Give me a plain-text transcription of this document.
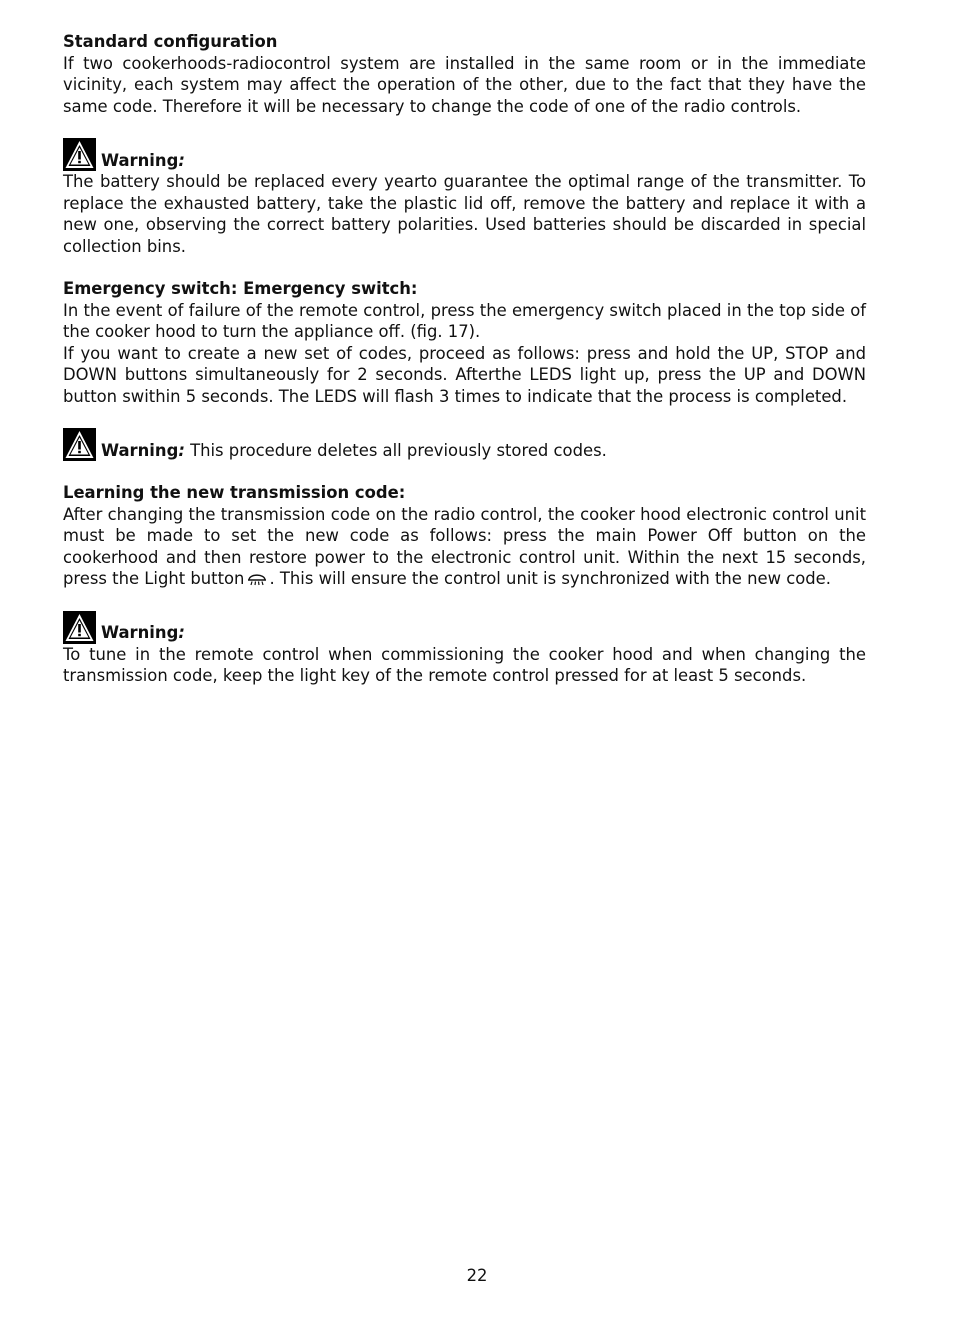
Standard configuration

If two cookerhoods-radiocontrol system are installed in the same room or in the immediate vicinity, each system may affect the operation of the other, due to the fact that they have the same code. Therefore it will be necessary to change the code of one of the radio controls.

Warning:

The battery should be replaced every yearto guarantee the optimal range of the transmitter. To replace the exhausted battery, take the plastic lid off, remove the battery and replace it with a new one, observing the correct battery polarities. Used batteries should be discarded in special collection bins.

Emergency switch: Emergency switch:

In the event of failure of the remote control, press the emergency switch placed in the top side of the cooker hood to turn the appliance off. (fig. 17).

If you want to create a new set of codes, proceed as follows: press and hold the UP, STOP and DOWN buttons simultaneously for 2 seconds. Afterthe LEDS light up, press the UP and DOWN button swithin 5 seconds. The LEDS will flash 3 times to indicate that the process is completed.

Warning: This procedure deletes all previously stored codes.

Learning the new transmission code:

After changing the transmission code on the radio control, the cooker hood electronic control unit must be made to set the new code as follows: press the main Power Off button on the cookerhood and then restore power to the electronic control unit. Within the next 15 seconds, press the Light button . This will ensure the control unit is synchronized with the new code.

Warning:

To tune in the remote control when commissioning the cooker hood and when changing the transmission code, keep the light key of the remote control pressed for at least 5 seconds.

22
